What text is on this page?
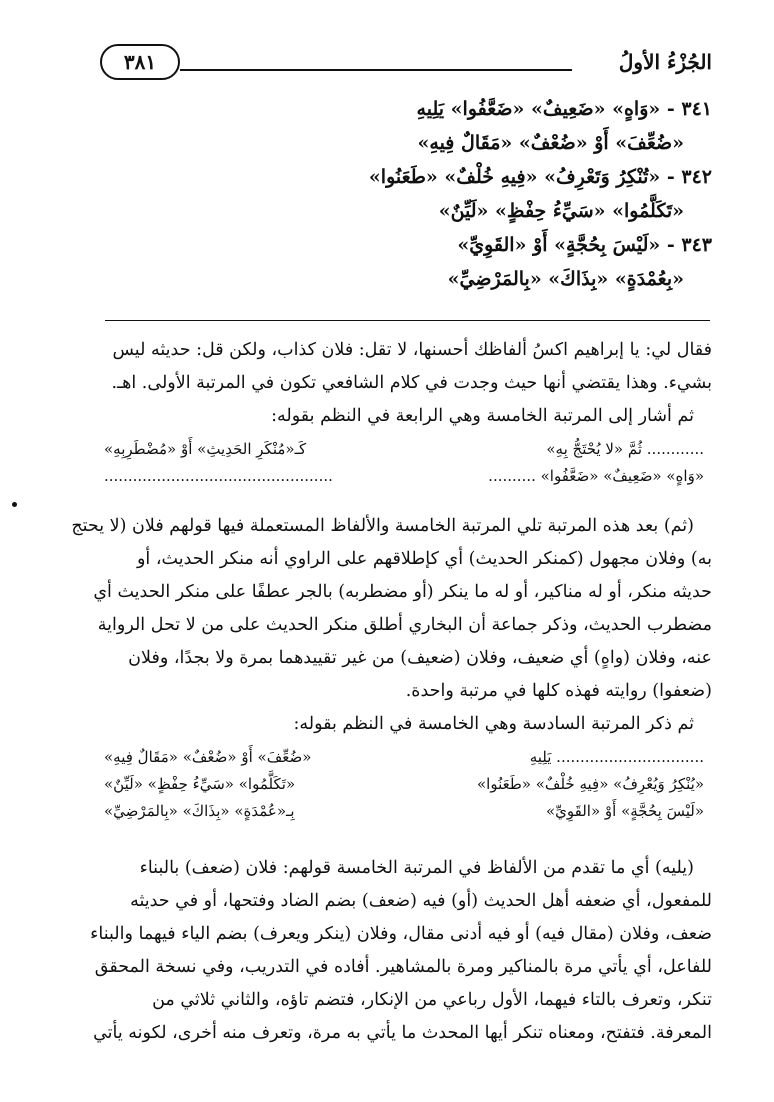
الجُزْءُ الأولُ
٣٨١
٣٤١ - «وَاهٍ» «ضَعِيفٌ» «ضَعَّفُوا» يَلِيهِ
«ضُعِّفَ» أَوْ «ضُعْفٌ» «مَقَالٌ فِيهِ»
٣٤٢ - «تُنْكِرُ وَتَعْرِفُ» «فِيهِ خُلْفٌ» «طَعَنُوا»
«تَكَلَّمُوا» «سَيِّءُ حِفْظٍ» «لَيِّنٌ»
٣٤٣ - «لَيْسَ بِحُجَّةٍ» أَوْ «القَوِيِّ»
«بِعُمْدَةٍ» «بِذَاكَ» «بِالمَرْضِيِّ»
فقال لي: يا إبراهيم اكسُ ألفاظك أحسنها، لا تقل: فلان كذاب، ولكن قل: حديثه ليس
بشيء. وهذا يقتضي أنها حيث وجدت في كلام الشافعي تكون في المرتبة الأولى. اهـ.
ثم أشار إلى المرتبة الخامسة وهي الرابعة في النظم بقوله:
............ ثُمَّ «لا يُحْتَجُّ بِهِ»
كَـ«مُنْكَرِ الحَدِيثِ» أَوْ «مُضْطَرِبِهِ»
«وَاهٍ» «ضَعِيفٌ» «ضَعَّفُوا» ..........
................................................
(ثم) بعد هذه المرتبة تلي المرتبة الخامسة والألفاظ المستعملة فيها قولهم فلان (لا يحتج
به) وفلان مجهول (كمنكر الحديث) أي كإطلاقهم على الراوي أنه منكر الحديث، أو
حديثه منكر، أو له مناكير، أو له ما ينكر (أو مضطربه) بالجر عطفًا على منكر الحديث أي
مضطرب الحديث، وذكر جماعة أن البخاري أطلق منكر الحديث على من لا تحل الرواية
عنه، وفلان (واهٍ) أي ضعيف، وفلان (ضعيف) من غير تقييدهما بمرة ولا بجدًا، وفلان
(ضعفوا) روايته فهذه كلها في مرتبة واحدة.
ثم ذكر المرتبة السادسة وهي الخامسة في النظم بقوله:
............................... يَلِيهِ
«ضُعِّفَ» أَوْ «ضُعْفٌ» «مَقَالٌ فِيهِ»
«يُنْكِرُ وَيُعْرِفُ» «فِيهِ خُلْفٌ» «طَعَنُوا»
«تَكَلَّمُوا» «سَيِّءُ حِفْظٍ» «لَيِّنٌ»
«لَيْسَ بِحُجَّةٍ» أَوْ «القَوِيِّ»
بِـ«عُمْدَةٍ» «بِذَاكَ» «بِالمَرْضِيِّ»
(يليه) أي ما تقدم من الألفاظ في المرتبة الخامسة قولهم: فلان (ضعف) بالبناء
للمفعول، أي ضعفه أهل الحديث (أو) فيه (ضعف) بضم الضاد وفتحها، أو في حديثه
ضعف، وفلان (مقال فيه) أو فيه أدنى مقال، وفلان (ينكر ويعرف) بضم الياء فيهما والبناء
للفاعل، أي يأتي مرة بالمناكير ومرة بالمشاهير. أفاده في التدريب، وفي نسخة المحقق
تنكر، وتعرف بالتاء فيهما، الأول رباعي من الإنكار، فتضم تاؤه، والثاني ثلاثي من
المعرفة. فتفتح، ومعناه تنكر أيها المحدث ما يأتي به مرة، وتعرف منه أخرى، لكونه يأتي
